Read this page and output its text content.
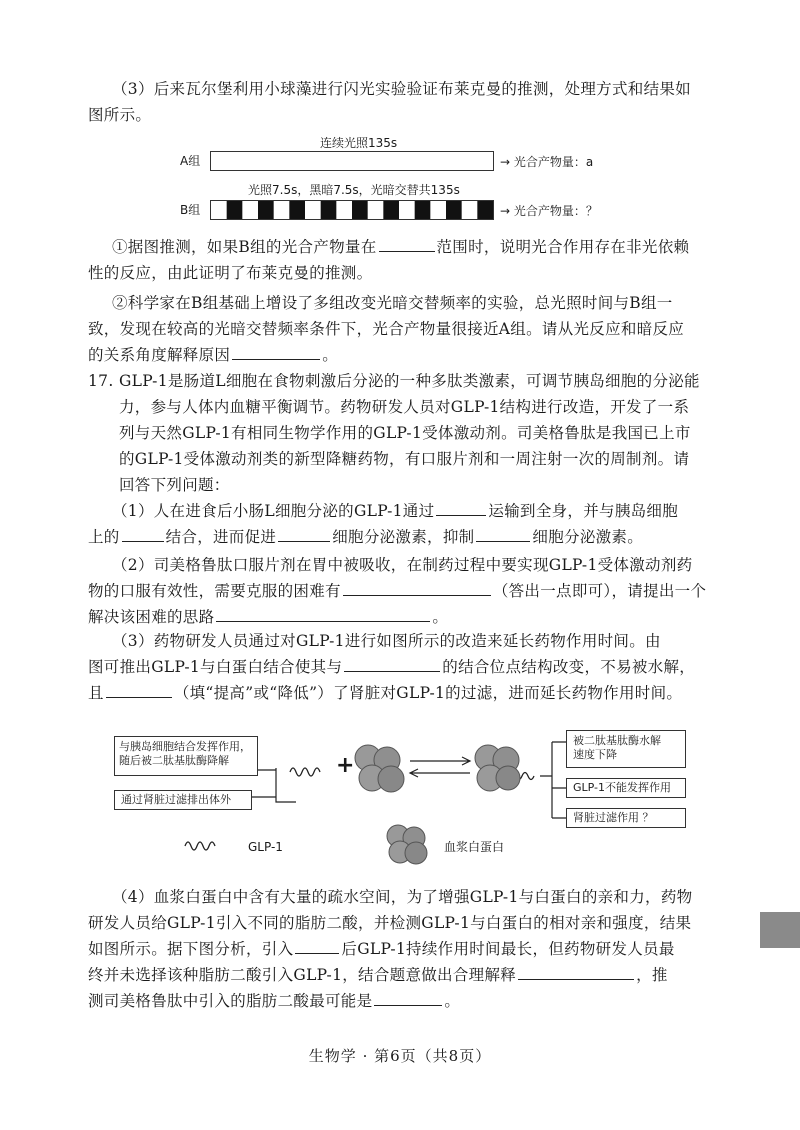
（3）后来瓦尔堡利用小球藻进行闪光实验验证布莱克曼的推测，处理方式和结果如
图所示。
连续光照135s
A组	→ 光合产物量：a
光照7.5s，黑暗7.5s，光暗交替共135s
B组	→ 光合产物量：？
①据图推测，如果B组的光合产物量在	范围时，说明光合作用存在非光依赖
性的反应，由此证明了布莱克曼的推测。
②科学家在B组基础上增设了多组改变光暗交替频率的实验，总光照时间与B组一
致，发现在较高的光暗交替频率条件下，光合产物量很接近A组。请从光反应和暗反应
的关系角度解释原因	。
17. GLP-1是肠道L细胞在食物刺激后分泌的一种多肽类激素，可调节胰岛细胞的分泌能
力，参与人体内血糖平衡调节。药物研发人员对GLP-1结构进行改造，开发了一系
列与天然GLP-1有相同生物学作用的GLP-1受体激动剂。司美格鲁肽是我国已上市
的GLP-1受体激动剂类的新型降糖药物，有口服片剂和一周注射一次的周制剂。请
回答下列问题：
（1）人在进食后小肠L细胞分泌的GLP-1通过	运输到全身，并与胰岛细胞
上的	结合，进而促进	细胞分泌激素，抑制	细胞分泌激素。
（2）司美格鲁肽口服片剂在胃中被吸收，在制药过程中要实现GLP-1受体激动剂药
物的口服有效性，需要克服的困难有	（答出一点即可），请提出一个
解决该困难的思路	。
（3）药物研发人员通过对GLP-1进行如图所示的改造来延长药物作用时间。由
图可推出GLP-1与白蛋白结合使其与	的结合位点结构改变，不易被水解，
且	（填“提高”或“降低”）了肾脏对GLP-1的过滤，进而延长药物作用时间。
与胰岛细胞结合发挥作用，
随后被二肽基肽酶降解
通过肾脏过滤排出体外
+
被二肽基肽酶水解
速度下降
GLP-1不能发挥作用
肾脏过滤作用 ？
GLP-1	血浆白蛋白
（4）血浆白蛋白中含有大量的疏水空间，为了增强GLP-1与白蛋白的亲和力，药物
研发人员给GLP-1引入不同的脂肪二酸，并检测GLP-1与白蛋白的相对亲和强度，结果
如图所示。据下图分析，引入	后GLP-1持续作用时间最长，但药物研发人员最
终并未选择该种脂肪二酸引入GLP-1，结合题意做出合理解释	，推
测司美格鲁肽中引入的脂肪二酸最可能是	。
生物学 · 第6页（共8页）
